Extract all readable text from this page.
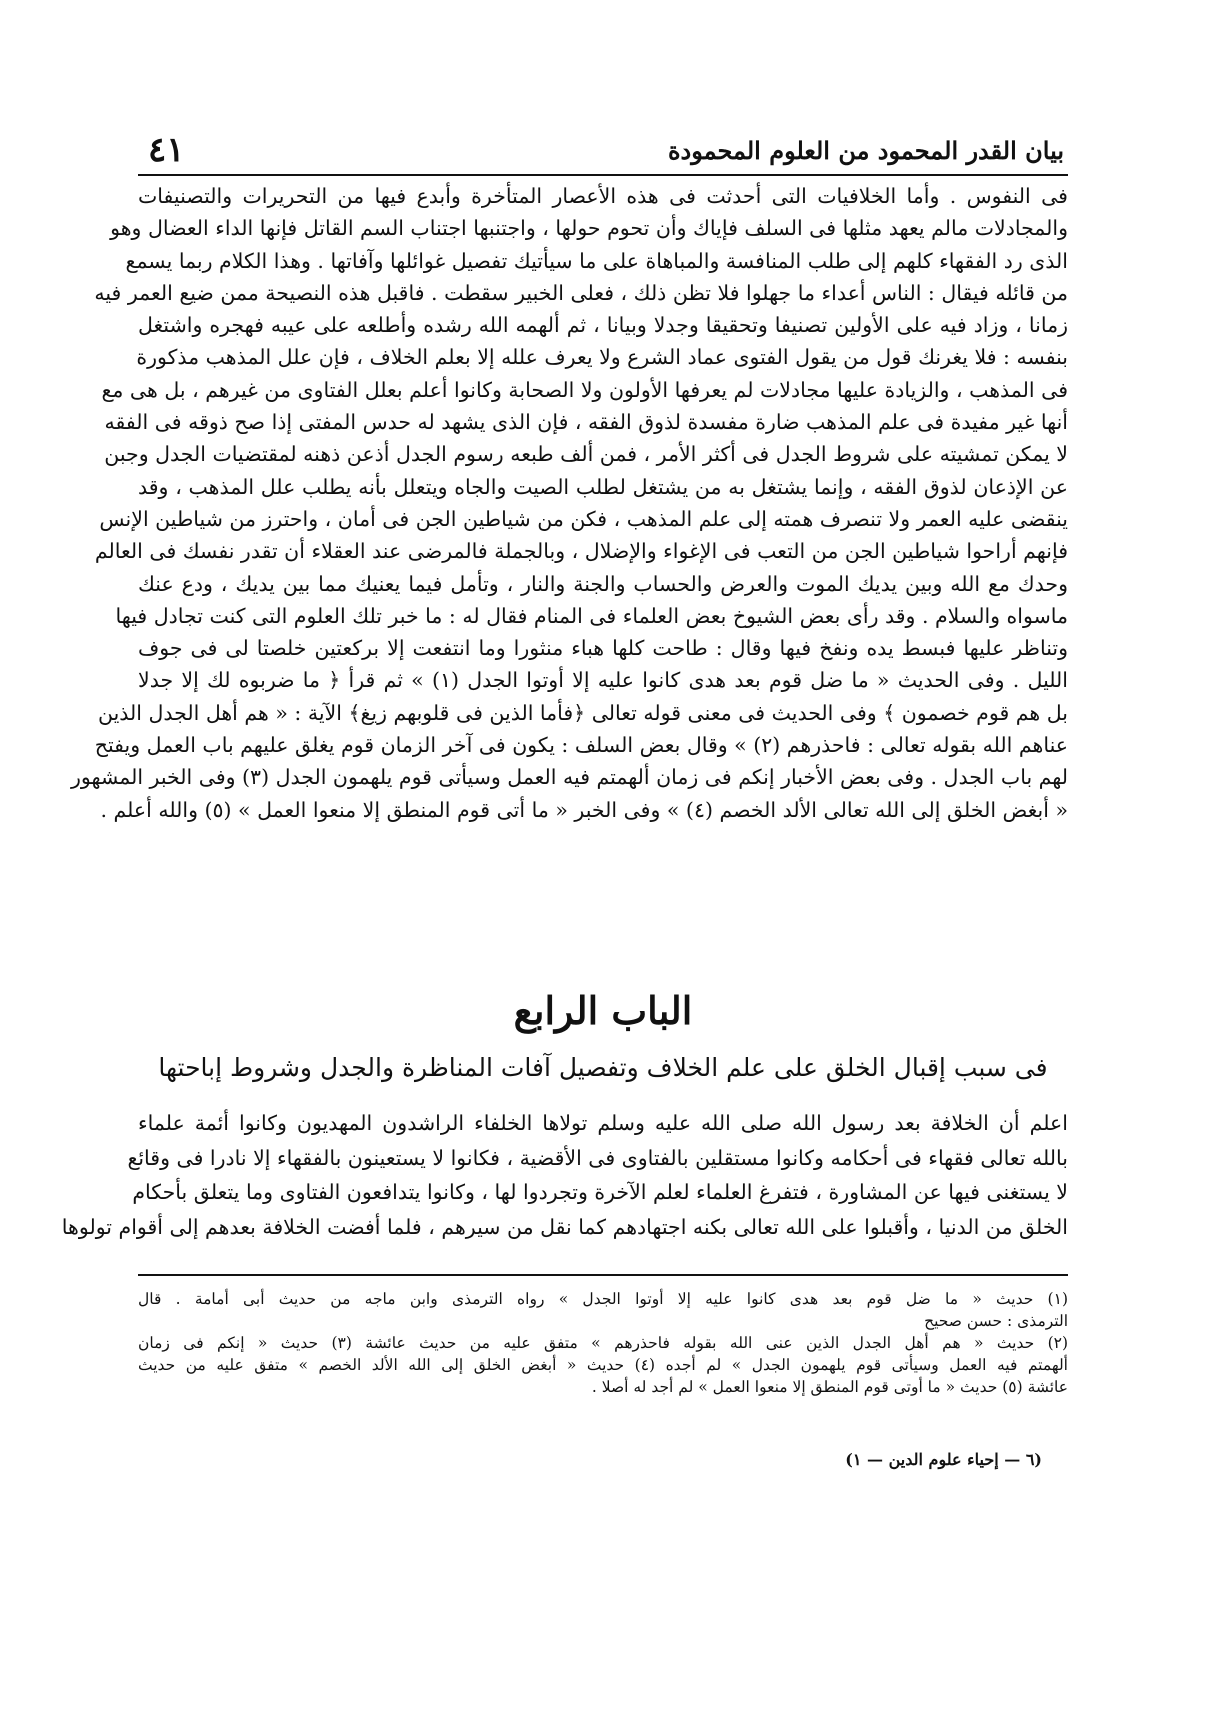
بيان القدر المحمود من العلوم المحمودة
٤١
فى النفوس . وأما الخلافيات التى أحدثت فى هذه الأعصار المتأخرة وأبدع فيها من التحريرات والتصنيفات
والمجادلات مالم يعهد مثلها فى السلف فإياك وأن تحوم حولها ، واجتنبها اجتناب السم القاتل فإنها الداء العضال وهو
الذى رد الفقهاء كلهم إلى طلب المنافسة والمباهاة على ما سيأتيك تفصيل غوائلها وآفاتها . وهذا الكلام ربما يسمع
من قائله فيقال : الناس أعداء ما جهلوا فلا تظن ذلك ، فعلى الخبير سقطت . فاقبل هذه النصيحة ممن ضيع العمر فيه
زمانا ، وزاد فيه على الأولين تصنيفا وتحقيقا وجدلا وبيانا ، ثم ألهمه الله رشده وأطلعه على عيبه فهجره واشتغل
بنفسه : فلا يغرنك قول من يقول الفتوى عماد الشرع ولا يعرف علله إلا بعلم الخلاف ، فإن علل المذهب مذكورة
فى المذهب ، والزيادة عليها مجادلات لم يعرفها الأولون ولا الصحابة وكانوا أعلم بعلل الفتاوى من غيرهم ، بل هى مع
أنها غير مفيدة فى علم المذهب ضارة مفسدة لذوق الفقه ، فإن الذى يشهد له حدس المفتى إذا صح ذوقه فى الفقه
لا يمكن تمشيته على شروط الجدل فى أكثر الأمر ، فمن ألف طبعه رسوم الجدل أذعن ذهنه لمقتضيات الجدل وجبن
عن الإذعان لذوق الفقه ، وإنما يشتغل به من يشتغل لطلب الصيت والجاه ويتعلل بأنه يطلب علل المذهب ، وقد
ينقضى عليه العمر ولا تنصرف همته إلى علم المذهب ، فكن من شياطين الجن فى أمان ، واحترز من شياطين الإنس
فإنهم أراحوا شياطين الجن من التعب فى الإغواء والإضلال ، وبالجملة فالمرضى عند العقلاء أن تقدر نفسك فى العالم
وحدك مع الله وبين يديك الموت والعرض والحساب والجنة والنار ، وتأمل فيما يعنيك مما بين يديك ، ودع عنك
ماسواه والسلام . وقد رأى بعض الشيوخ بعض العلماء فى المنام فقال له : ما خبر تلك العلوم التى كنت تجادل فيها
وتناظر عليها فبسط يده ونفخ فيها وقال : طاحت كلها هباء منثورا وما انتفعت إلا بركعتين خلصتا لى فى جوف
الليل . وفى الحديث « ما ضل قوم بعد هدى كانوا عليه إلا أوتوا الجدل (١) » ثم قرأ ﴿ ما ضربوه لك إلا جدلا
بل هم قوم خصمون ﴾ وفى الحديث فى معنى قوله تعالى ﴿فأما الذين فى قلوبهم زيغ﴾ الآية : « هم أهل الجدل الذين
عناهم الله بقوله تعالى : فاحذرهم (٢) » وقال بعض السلف : يكون فى آخر الزمان قوم يغلق عليهم باب العمل ويفتح
لهم باب الجدل . وفى بعض الأخبار إنكم فى زمان ألهمتم فيه العمل وسيأتى قوم يلهمون الجدل (٣) وفى الخبر المشهور
« أبغض الخلق إلى الله تعالى الألد الخصم (٤) » وفى الخبر « ما أتى قوم المنطق إلا منعوا العمل » (٥) والله أعلم .
الباب الرابع
فى سبب إقبال الخلق على علم الخلاف وتفصيل آفات المناظرة والجدل وشروط إباحتها
اعلم أن الخلافة بعد رسول الله صلى الله عليه وسلم تولاها الخلفاء الراشدون المهديون وكانوا أئمة علماء
بالله تعالى فقهاء فى أحكامه وكانوا مستقلين بالفتاوى فى الأقضية ، فكانوا لا يستعينون بالفقهاء إلا نادرا فى وقائع
لا يستغنى فيها عن المشاورة ، فتفرغ العلماء لعلم الآخرة وتجردوا لها ، وكانوا يتدافعون الفتاوى وما يتعلق بأحكام
الخلق من الدنيا ، وأقبلوا على الله تعالى بكنه اجتهادهم كما نقل من سيرهم ، فلما أفضت الخلافة بعدهم إلى أقوام تولوها
(١) حديث « ما ضل قوم بعد هدى كانوا عليه إلا أوتوا الجدل » رواه الترمذى وابن ماجه من حديث أبى أمامة . قال
الترمذى : حسن صحيح
(٢) حديث « هم أهل الجدل الذين عنى الله بقوله فاحذرهم » متفق عليه من حديث عائشة (٣) حديث « إنكم فى زمان
ألهمتم فيه العمل وسيأتى قوم يلهمون الجدل » لم أجده (٤) حديث « أبغض الخلق إلى الله الألد الخصم » متفق عليه من حديث
عائشة (٥) حديث « ما أوتى قوم المنطق إلا منعوا العمل » لم أجد له أصلا .
(٦ — إحياء علوم الدين — ١)
